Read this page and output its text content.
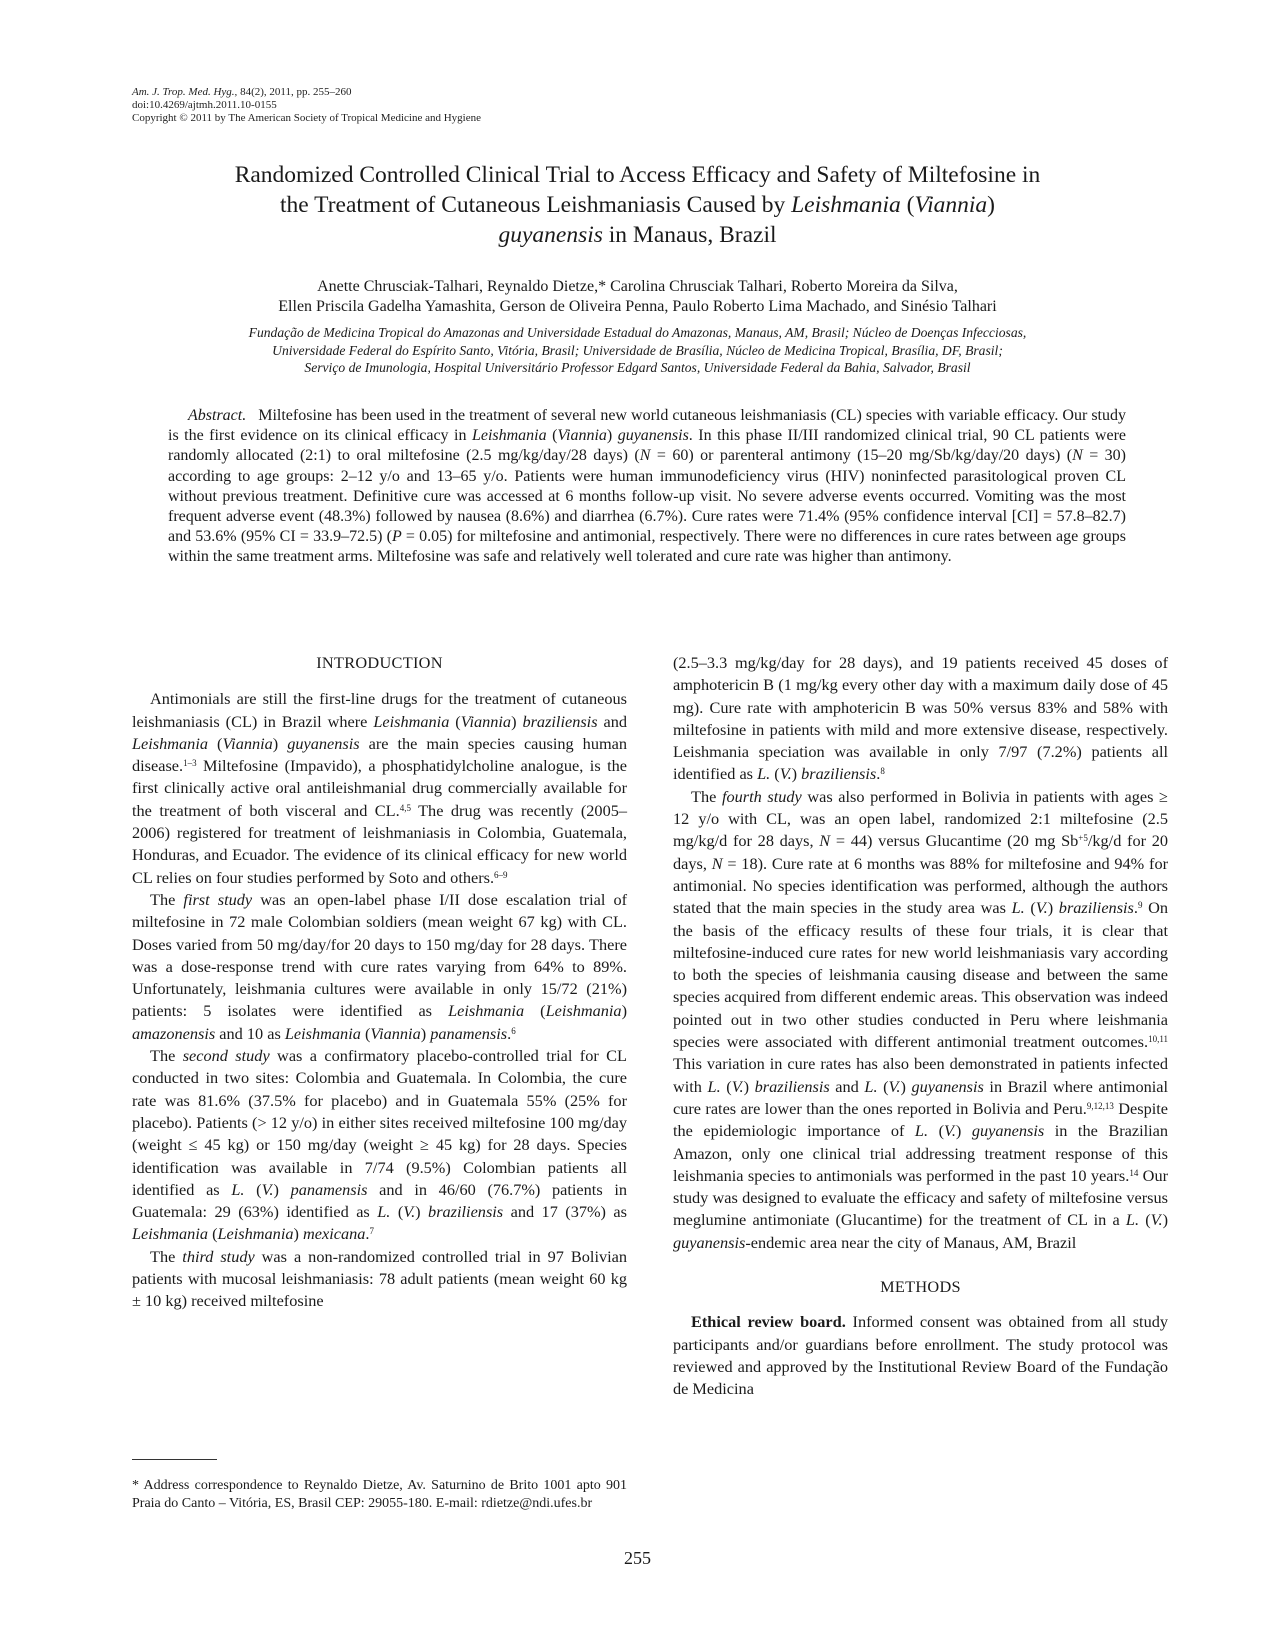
Am. J. Trop. Med. Hyg., 84(2), 2011, pp. 255–260
doi:10.4269/ajtmh.2011.10-0155
Copyright © 2011 by The American Society of Tropical Medicine and Hygiene
Randomized Controlled Clinical Trial to Access Efficacy and Safety of Miltefosine in
the Treatment of Cutaneous Leishmaniasis Caused by Leishmania (Viannia)
guyanensis in Manaus, Brazil
Anette Chrusciak-Talhari, Reynaldo Dietze,* Carolina Chrusciak Talhari, Roberto Moreira da Silva,
Ellen Priscila Gadelha Yamashita, Gerson de Oliveira Penna, Paulo Roberto Lima Machado, and Sinésio Talhari
Fundação de Medicina Tropical do Amazonas and Universidade Estadual do Amazonas, Manaus, AM, Brasil; Núcleo de Doenças Infecciosas,
Universidade Federal do Espírito Santo, Vitória, Brasil; Universidade de Brasília, Núcleo de Medicina Tropical, Brasília, DF, Brasil;
Serviço de Imunologia, Hospital Universitário Professor Edgard Santos, Universidade Federal da Bahia, Salvador, Brasil
Abstract. Miltefosine has been used in the treatment of several new world cutaneous leishmaniasis (CL) species with variable efficacy. Our study is the first evidence on its clinical efficacy in Leishmania (Viannia) guyanensis. In this phase II/III randomized clinical trial, 90 CL patients were randomly allocated (2:1) to oral miltefosine (2.5 mg/kg/day/28 days) (N = 60) or parenteral antimony (15–20 mg/Sb/kg/day/20 days) (N = 30) according to age groups: 2–12 y/o and 13–65 y/o. Patients were human immunodeficiency virus (HIV) noninfected parasitological proven CL without previous treatment. Definitive cure was accessed at 6 months follow-up visit. No severe adverse events occurred. Vomiting was the most frequent adverse event (48.3%) followed by nausea (8.6%) and diarrhea (6.7%). Cure rates were 71.4% (95% confidence interval [CI] = 57.8–82.7) and 53.6% (95% CI = 33.9–72.5) (P = 0.05) for miltefosine and antimonial, respectively. There were no differences in cure rates between age groups within the same treatment arms. Miltefosine was safe and relatively well tolerated and cure rate was higher than antimony.
INTRODUCTION

Antimonials are still the first-line drugs for the treatment of cutaneous leishmaniasis (CL) in Brazil where Leishmania (Viannia) braziliensis and Leishmania (Viannia) guyanensis are the main species causing human disease.$^{1-3}$ Miltefosine (Impavido), a phosphatidylcholine analogue, is the first clinically active oral antileishmanial drug commercially available for the treatment of both visceral and CL.$^{4,5}$ The drug was recently (2005–2006) registered for treatment of leishmaniasis in Colombia, Guatemala, Honduras, and Ecuador. The evidence of its clinical efficacy for new world CL relies on four studies performed by Soto and others.$^{6-9}$

The first study was an open-label phase I/II dose escalation trial of miltefosine in 72 male Colombian soldiers (mean weight 67 kg) with CL. Doses varied from 50 mg/day/for 20 days to 150 mg/day for 28 days. There was a dose-response trend with cure rates varying from 64% to 89%. Unfortunately, leishmania cultures were available in only 15/72 (21%) patients: 5 isolates were identified as Leishmania (Leishmania) amazonensis and 10 as Leishmania (Viannia) panamensis.$^6$

The second study was a confirmatory placebo-controlled trial for CL conducted in two sites: Colombia and Guatemala. In Colombia, the cure rate was 81.6% (37.5% for placebo) and in Guatemala 55% (25% for placebo). Patients (> 12 y/o) in either sites received miltefosine 100 mg/day (weight ≤ 45 kg) or 150 mg/day (weight ≥ 45 kg) for 28 days. Species identification was available in 7/74 (9.5%) Colombian patients all identified as L. (V.) panamensis and in 46/60 (76.7%) patients in Guatemala: 29 (63%) identified as L. (V.) braziliensis and 17 (37%) as Leishmania (Leishmania) mexicana.$^7$

The third study was a non-randomized controlled trial in 97 Bolivian patients with mucosal leishmaniasis: 78 adult patients (mean weight 60 kg ± 10 kg) received miltefosine

(2.5–3.3 mg/kg/day for 28 days), and 19 patients received 45 doses of amphotericin B (1 mg/kg every other day with a maximum daily dose of 45 mg). Cure rate with amphotericin B was 50% versus 83% and 58% with miltefosine in patients with mild and more extensive disease, respectively. Leishmania speciation was available in only 7/97 (7.2%) patients all identified as L. (V.) braziliensis.$^8$

The fourth study was also performed in Bolivia in patients with ages ≥ 12 y/o with CL, was an open label, randomized 2:1 miltefosine (2.5 mg/kg/d for 28 days, N = 44) versus Glucantime (20 mg $Sb^{+5}/kg/d$ for 20 days, N = 18). Cure rate at 6 months was 88% for miltefosine and 94% for antimonial. No species identification was performed, although the authors stated that the main species in the study area was L. (V.) braziliensis.$^9$ On the basis of the efficacy results of these four trials, it is clear that miltefosine-induced cure rates for new world leishmaniasis vary according to both the species of leishmania causing disease and between the same species acquired from different endemic areas. This observation was indeed pointed out in two other studies conducted in Peru where leishmania species were associated with different antimonial treatment outcomes.$^{10,11}$ This variation in cure rates has also been demonstrated in patients infected with L. (V.) braziliensis and L. (V.) guyanensis in Brazil where antimonial cure rates are lower than the ones reported in Bolivia and Peru.$^{9,12,13}$ Despite the epidemiologic importance of L. (V.) guyanensis in the Brazilian Amazon, only one clinical trial addressing treatment response of this leishmania species to antimonials was performed in the past 10 years.$^{14}$ Our study was designed to evaluate the efficacy and safety of miltefosine versus meglumine antimoniate (Glucantime) for the treatment of CL in a L. (V.) guyanensis-endemic area near the city of Manaus, AM, Brazil

METHODS

Ethical review board. Informed consent was obtained from all study participants and/or guardians before enrollment. The study protocol was reviewed and approved by the Institutional Review Board of the Fundação de Medicina

* Address correspondence to Reynaldo Dietze, Av. Saturnino de Brito 1001 apto 901 Praia do Canto – Vitória, ES, Brasil CEP: 29055-180. E-mail: rdietze@ndi.ufes.br
255
